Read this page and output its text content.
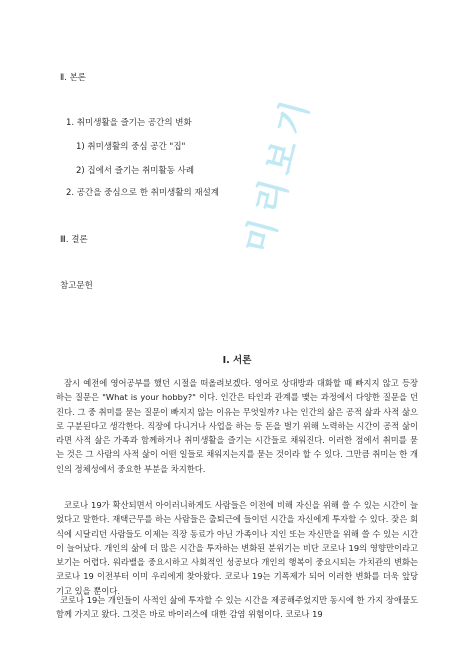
Ⅱ. 본론
1. 취미생활을 즐기는 공간의 변화
1) 취미생활의 중심 공간 "집"
2) 집에서 즐기는 취미활동 사례
2. 공간을 중심으로 한 취미생활의 재설계
Ⅲ. 결론
참고문헌
Ⅰ. 서론
잠시 예전에 영어공부를 했던 시절을 떠올려보겠다. 영어로 상대방과 대화할 때 빠지지 않고 등장하는 질문은 "What is your hobby?" 이다. 인간은 타인과 관계를 맺는 과정에서 다양한 질문을 던진다. 그 중 취미를 묻는 질문이 빠지지 않는 이유는 무엇일까? 나는 인간의 삶은 공적 삶과 사적 삶으로 구분된다고 생각한다. 직장에 다니거나 사업을 하는 등 돈을 벌기 위해 노력하는 시간이 공적 삶이라면 사적 삶은 가족과 함께하거나 취미생활을 즐기는 시간들로 채워진다. 이러한 점에서 취미를 묻는 것은 그 사람의 사적 삶이 어떤 일들로 채워지는지를 묻는 것이라 할 수 있다. 그만큼 취미는 한 개인의 정체성에서 중요한 부분을 차지한다.
코로나 19가 확산되면서 아이러니하게도 사람들은 이전에 비해 자신을 위해 쓸 수 있는 시간이 늘었다고 말한다. 재택근무를 하는 사람들은 출퇴근에 들이던 시간을 자신에게 투자할 수 있다. 잦은 회식에 시달리던 사람들도 이제는 직장 동료가 아닌 가족이나 지인 또는 자신만을 위해 쓸 수 있는 시간이 늘어났다. 개인의 삶에 더 많은 시간을 투자하는 변화된 분위기는 비단 코로나 19의 영향만이라고 보기는 어렵다. 워라밸을 중요시하고 사회적인 성공보다 개인의 행복이 중요시되는 가치관의 변화는 코로나 19 이전부터 이미 우리에게 찾아왔다. 코로나 19는 기폭제가 되어 이러한 변화를 더욱 앞당기고 있을 뿐이다.
코로나 19는 개인들이 사적인 삶에 투자할 수 있는 시간을 제공해주었지만 동시에 한 가지 장애물도 함께 가지고 왔다. 그것은 바로 바이러스에 대한 감염 위험이다. 코로나 19
미리보기
